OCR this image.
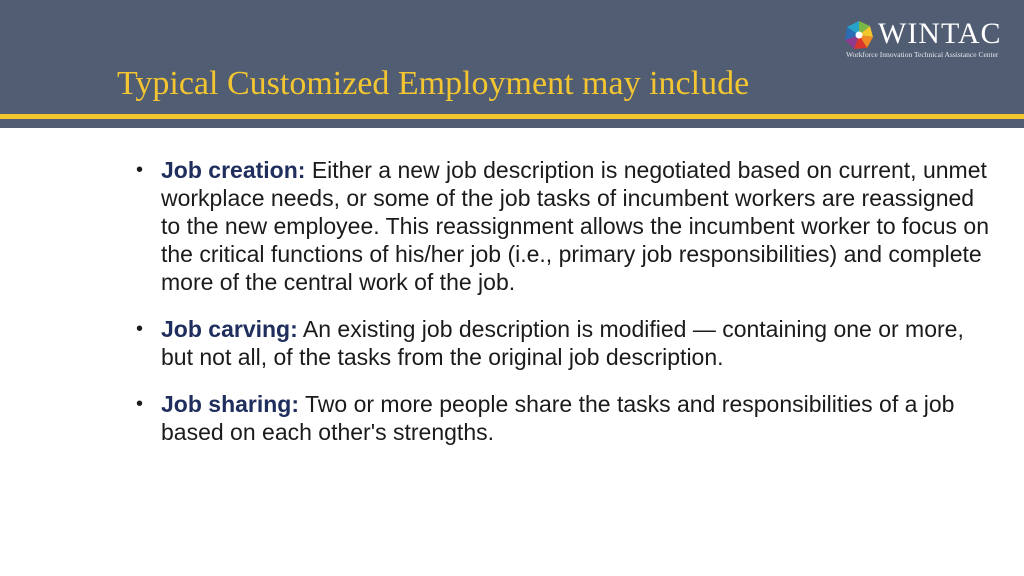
Typical Customized Employment may include
WINTAC
Workforce Innovation Technical Assistance Center

• Job creation: Either a new job description is negotiated based on current, unmet workplace needs, or some of the job tasks of incumbent workers are reassigned to the new employee. This reassignment allows the incumbent worker to focus on the critical functions of his/her job (i.e., primary job responsibilities) and complete more of the central work of the job.

• Job carving: An existing job description is modified — containing one or more, but not all, of the tasks from the original job description.

• Job sharing: Two or more people share the tasks and responsibilities of a job based on each other's strengths.
